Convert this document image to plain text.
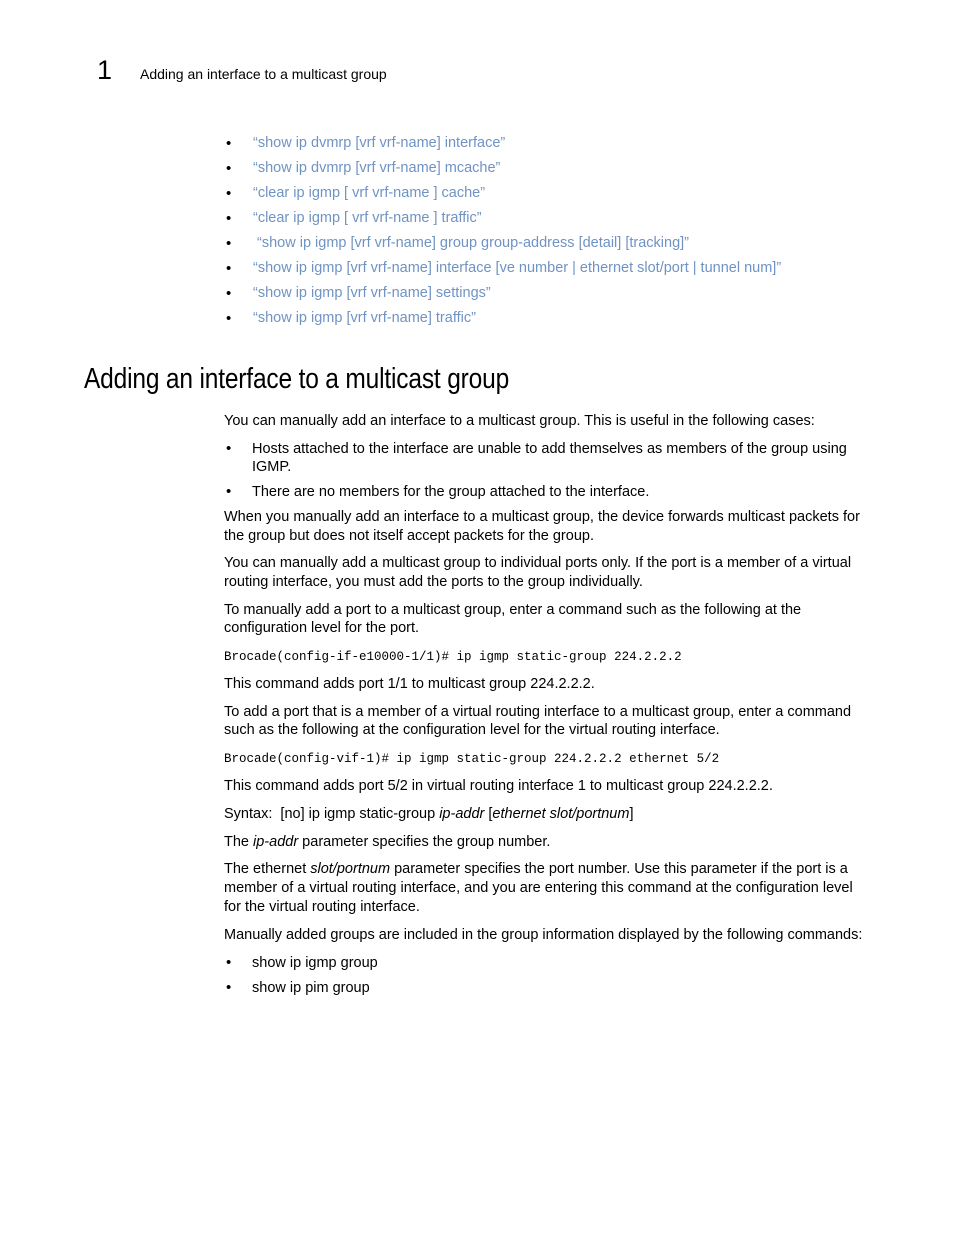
1 Adding an interface to a multicast group
• “show ip dvmrp [vrf vrf-name] interface”
• “show ip dvmrp [vrf vrf-name] mcache”
• “clear ip igmp [ vrf vrf-name ] cache”
• “clear ip igmp [ vrf vrf-name ] traffic”
• “show ip igmp [vrf vrf-name] group group-address [detail] [tracking]”
• “show ip igmp [vrf vrf-name] interface [ve number | ethernet slot/port | tunnel num]”
• “show ip igmp [vrf vrf-name] settings”
• “show ip igmp [vrf vrf-name] traffic”
Adding an interface to a multicast group

You can manually add an interface to a multicast group. This is useful in the following cases:

• Hosts attached to the interface are unable to add themselves as members of the group using IGMP.
• There are no members for the group attached to the interface.

When you manually add an interface to a multicast group, the device forwards multicast packets for the group but does not itself accept packets for the group.

You can manually add a multicast group to individual ports only. If the port is a member of a virtual routing interface, you must add the ports to the group individually.

To manually add a port to a multicast group, enter a command such as the following at the configuration level for the port.

Brocade(config-if-e10000-1/1)# ip igmp static-group 224.2.2.2

This command adds port 1/1 to multicast group 224.2.2.2.

To add a port that is a member of a virtual routing interface to a multicast group, enter a command such as the following at the configuration level for the virtual routing interface.

Brocade(config-vif-1)# ip igmp static-group 224.2.2.2 ethernet 5/2

This command adds port 5/2 in virtual routing interface 1 to multicast group 224.2.2.2.

Syntax: [no] ip igmp static-group ip-addr [ethernet slot/portnum]

The ip-addr parameter specifies the group number.

The ethernet slot/portnum parameter specifies the port number. Use this parameter if the port is a member of a virtual routing interface, and you are entering this command at the configuration level for the virtual routing interface.

Manually added groups are included in the group information displayed by the following commands:

• show ip igmp group
• show ip pim group
